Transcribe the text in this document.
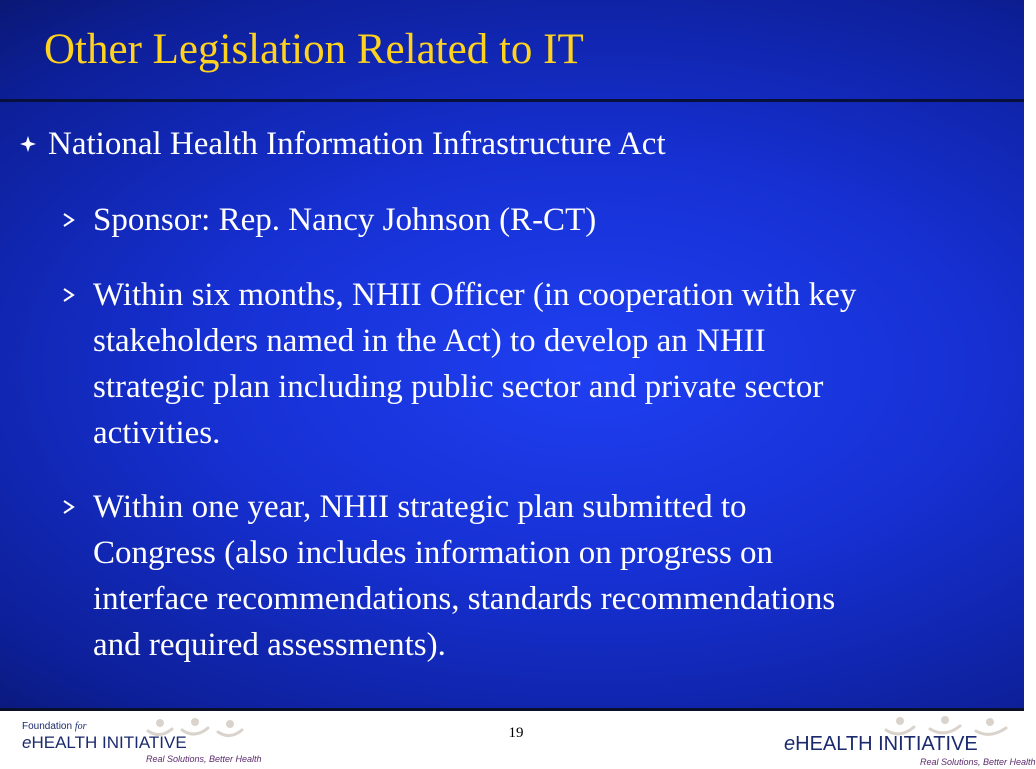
Other Legislation Related to IT
National Health Information Infrastructure Act
Sponsor: Rep. Nancy Johnson (R-CT)
Within six months, NHII Officer (in cooperation with key
stakeholders named in the Act) to develop an NHII
strategic plan including public sector and private sector
activities.
Within one year, NHII strategic plan submitted to
Congress (also includes information on progress on
interface recommendations, standards recommendations
and required assessments).
Foundation for
eHEALTH INITIATIVE
Real Solutions, Better Health
19	eHEALTH INITIATIVE
Real Solutions, Better Health
